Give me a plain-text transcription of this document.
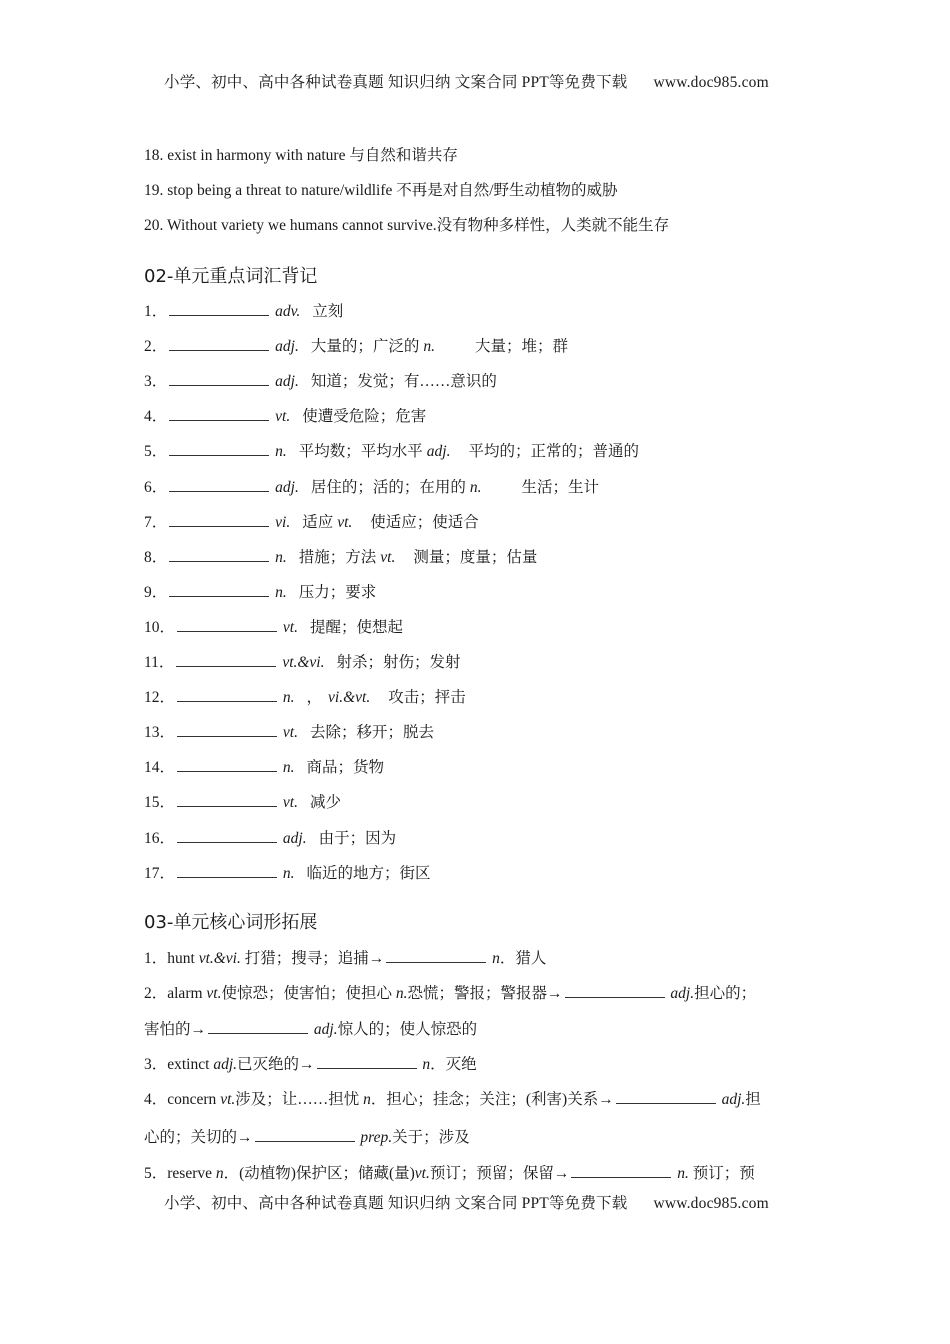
小学、初中、高中各种试卷真题 知识归纳 文案合同 PPT等免费下载 www.doc985.com
18. exist in harmony with nature 与自然和谐共存
19. stop being a threat to nature/wildlife 不再是对自然/野生动植物的威胁
20. Without variety we humans cannot survive.没有物种多样性，人类就不能生存
02-单元重点词汇背记
1．	adv. 立刻
2．	adj. 大量的；广泛的 n.	大量；堆；群
3．	adj. 知道；发觉；有……意识的
4．	vt. 使遭受危险；危害
5．	n. 平均数；平均水平 adj. 平均的；正常的；普通的
6．	adj. 居住的；活的；在用的 n.	生活；生计
7．	vi. 适应 vt. 使适应；使适合
8．	n. 措施；方法 vt. 测量；度量；估量
9．	n. 压力；要求
10．	vt. 提醒；使想起
11．	vt.&vi. 射杀；射伤；发射
12．	n. ， vi.&vt. 攻击；抨击
13．	vt. 去除；移开；脱去
14．	n. 商品；货物
15．	vt. 减少
16．	adj. 由于；因为
17．	n. 临近的地方；街区
03-单元核心词形拓展
1．hunt vt.&vi. 打猎；搜寻；追捕→	n．猎人
2．alarm vt.使惊恐；使害怕；使担心 n.恐慌；警报；警报器→	adj.担心的；
害怕的→	adj.惊人的；使人惊恐的
3．extinct adj.已灭绝的→	n．灭绝
4．concern vt.涉及；让……担忧 n．担心；挂念；关注；(利害)关系→	adj.担
心的；关切的→	prep.关于；涉及
5．reserve n．(动植物)保护区；储藏(量)vt.预订；预留；保留→	n. 预订；预
小学、初中、高中各种试卷真题 知识归纳 文案合同 PPT等免费下载 www.doc985.com
